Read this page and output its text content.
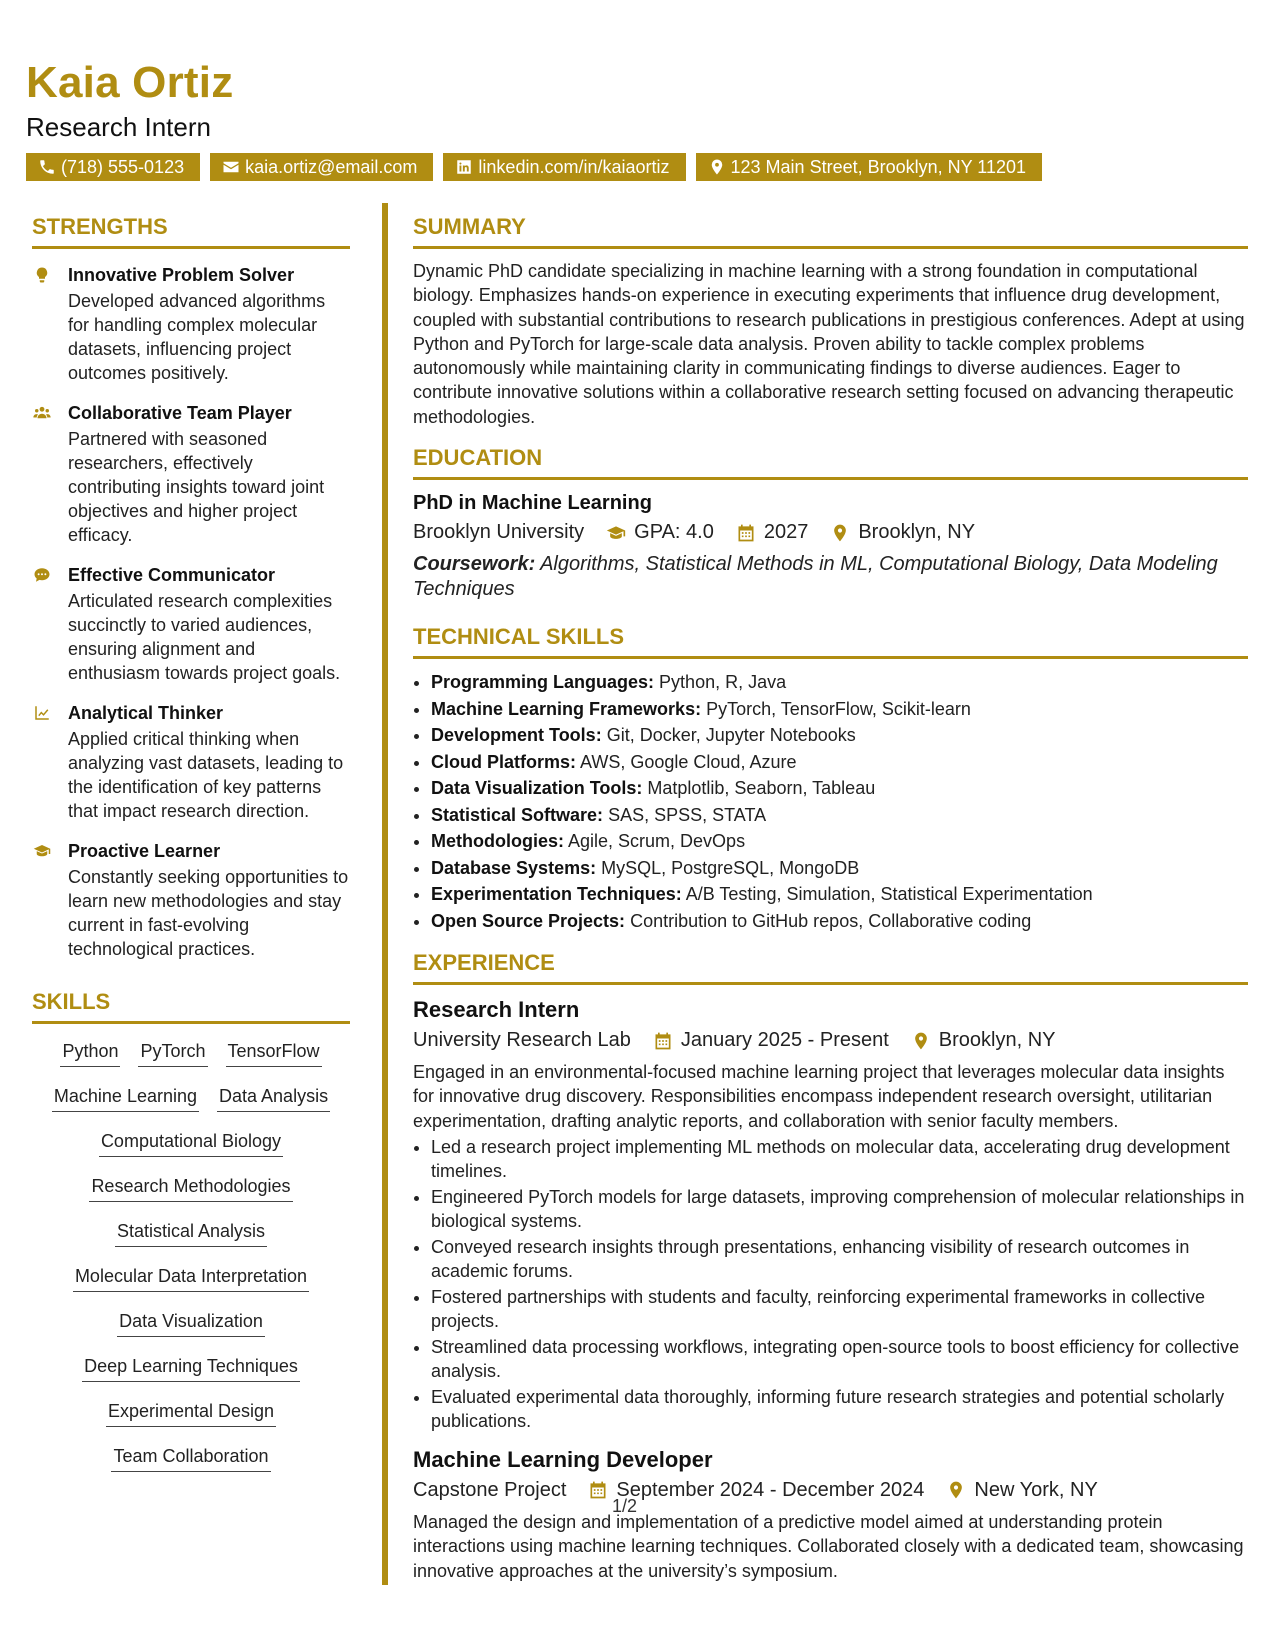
Kaia Ortiz
Research Intern
(718) 555-0123	kaia.ortiz@email.com	linkedin.com/in/kaiaortiz	123 Main Street, Brooklyn, NY 11201
STRENGTHS

Innovative Problem Solver

Developed advanced algorithms for handling complex molecular datasets, influencing project outcomes positively.

Collaborative Team Player

Partnered with seasoned researchers, effectively contributing insights toward joint objectives and higher project efficacy.

Effective Communicator

Articulated research complexities succinctly to varied audiences, ensuring alignment and enthusiasm towards project goals.

Analytical Thinker

Applied critical thinking when analyzing vast datasets, leading to the identification of key patterns that impact research direction.

Proactive Learner

Constantly seeking opportunities to learn new methodologies and stay current in fast-evolving technological practices.

SKILLS
Python PyTorch TensorFlow
Machine Learning Data Analysis
Computational Biology
Research Methodologies
Statistical Analysis
Molecular Data Interpretation
Data Visualization
Deep Learning Techniques
Experimental Design
Team Collaboration
SUMMARY

Dynamic PhD candidate specializing in machine learning with a strong foundation in computational biology. Emphasizes hands-on experience in executing experiments that influence drug development, coupled with substantial contributions to research publications in prestigious conferences. Adept at using Python and PyTorch for large-scale data analysis. Proven ability to tackle complex problems autonomously while maintaining clarity in communicating findings to diverse audiences. Eager to contribute innovative solutions within a collaborative research setting focused on advancing therapeutic methodologies.

EDUCATION

PhD in Machine Learning

Brooklyn University	GPA: 4.0	2027	Brooklyn, NY

Coursework: Algorithms, Statistical Methods in ML, Computational Biology, Data Modeling Techniques

TECHNICAL SKILLS
• Programming Languages: Python, R, Java
• Machine Learning Frameworks: PyTorch, TensorFlow, Scikit-learn
• Development Tools: Git, Docker, Jupyter Notebooks
• Cloud Platforms: AWS, Google Cloud, Azure
• Data Visualization Tools: Matplotlib, Seaborn, Tableau
• Statistical Software: SAS, SPSS, STATA
• Methodologies: Agile, Scrum, DevOps
• Database Systems: MySQL, PostgreSQL, MongoDB
• Experimentation Techniques: A/B Testing, Simulation, Statistical Experimentation
• Open Source Projects: Contribution to GitHub repos, Collaborative coding
EXPERIENCE

Research Intern

University Research Lab	January 2025 - Present	Brooklyn, NY

Engaged in an environmental-focused machine learning project that leverages molecular data insights for innovative drug discovery. Responsibilities encompass independent research oversight, utilitarian experimentation, drafting analytic reports, and collaboration with senior faculty members.

• Led a research project implementing ML methods on molecular data, accelerating drug development timelines.
• Engineered PyTorch models for large datasets, improving comprehension of molecular relationships in biological systems.
• Conveyed research insights through presentations, enhancing visibility of research outcomes in academic forums.
• Fostered partnerships with students and faculty, reinforcing experimental frameworks in collective projects.
• Streamlined data processing workflows, integrating open-source tools to boost efficiency for collective analysis.
• Evaluated experimental data thoroughly, informing future research strategies and potential scholarly publications.

Machine Learning Developer

Capstone Project	September 2024 - December 2024	New York, NY

Managed the design and implementation of a predictive model aimed at understanding protein interactions using machine learning techniques. Collaborated closely with a dedicated team, showcasing innovative approaches at the university’s symposium.

1/2
